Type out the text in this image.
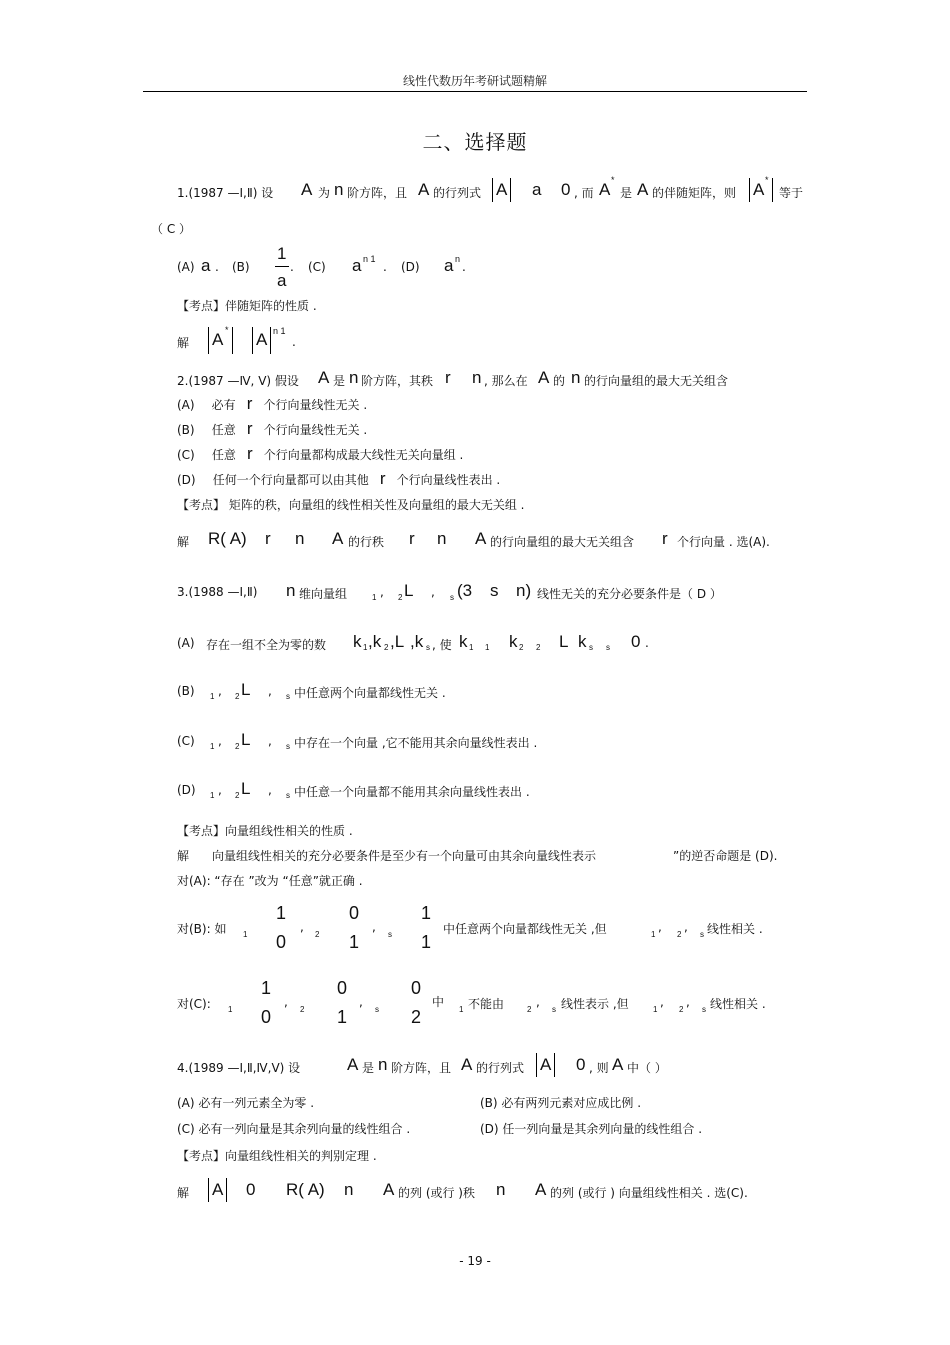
线性代数历年考研试题精解
二、选择题
1.(1987 —Ⅰ,Ⅱ) 设 A 为 n 阶方阵，且 A 的行列式 A a 0 , 而 A *
是 A 的伴随矩阵，则 A *
等于
（ C ）
(A) a . (B)
1
a
. (C) a n 1
. (D) a n
.
【考点】伴随矩阵的性质 .
解 A * A n 1
.
2.(1987 —Ⅳ, Ⅴ) 假设 A 是 n 阶方阵，其秩 r n , 那么在 A 的 n 的行向量组的最大无关组含
(A) 必有 r 个行向量线性无关 .
(B) 任意 r 个行向量线性无关 .
(C) 任意 r 个行向量都构成最大线性无关向量组 .
(D) 任何一个行向量都可以由其他 r 个行向量线性表出 .
【考点】 矩阵的秩，向量组的线性相关性及向量组的最大无关组 .
解 R( A) r n A 的行秩 r n A 的行向量组的最大无关组含 r 个行向量 . 选(A).
3.(1988 —Ⅰ,Ⅱ) n 维向量组	1 , 2 L , s (3 s n) 线性无关的充分必要条件是（ D ）
(A) 存在一组不全为零的数 k 1 ,k 2 ,L ,k s , 使 k 1 1 k 2 2 L k s s 0 .
(B) 1 , 2 L , s 中任意两个向量都线性无关 .
(C) 1 , 2 L , s 中存在一个向量 ,它不能用其余向量线性表出 .
(D) 1 , 2 L , s 中任意一个向量都不能用其余向量线性表出 .
【考点】向量组线性相关的性质 .
解 向量组线性相关的充分必要条件是至少有一个向量可由其余向量线性表示	”的逆否命题是 (D).
对(A): “存在 ”改为 “任意”就正确 .
对(B): 如 1
1
0
,
2
0
1
,
s
1
1
中任意两个向量都线性无关 ,但	1
,
2
,
s 线性相关 .
对(C): 1
1
0
,
2
0
1
,
s
0
2
中
1 不能由	2
,
s 线性表示 ,但	1
,
2
,
s 线性相关 .
4.(1989 —Ⅰ,Ⅱ,Ⅳ,Ⅴ) 设	A 是 n 阶方阵，且 A 的行列式 A 0 , 则 A 中（ ）
(A) 必有一列元素全为零 .	(B) 必有两列元素对应成比例 .
(C) 必有一列向量是其余列向量的线性组合 .	(D) 任一列向量是其余列向量的线性组合 .
【考点】向量组线性相关的判别定理 .
解 A 0 R( A) n A 的列 (或行 )秩 n A 的列 (或行 ) 向量组线性相关 . 选(C).
- 19 -
